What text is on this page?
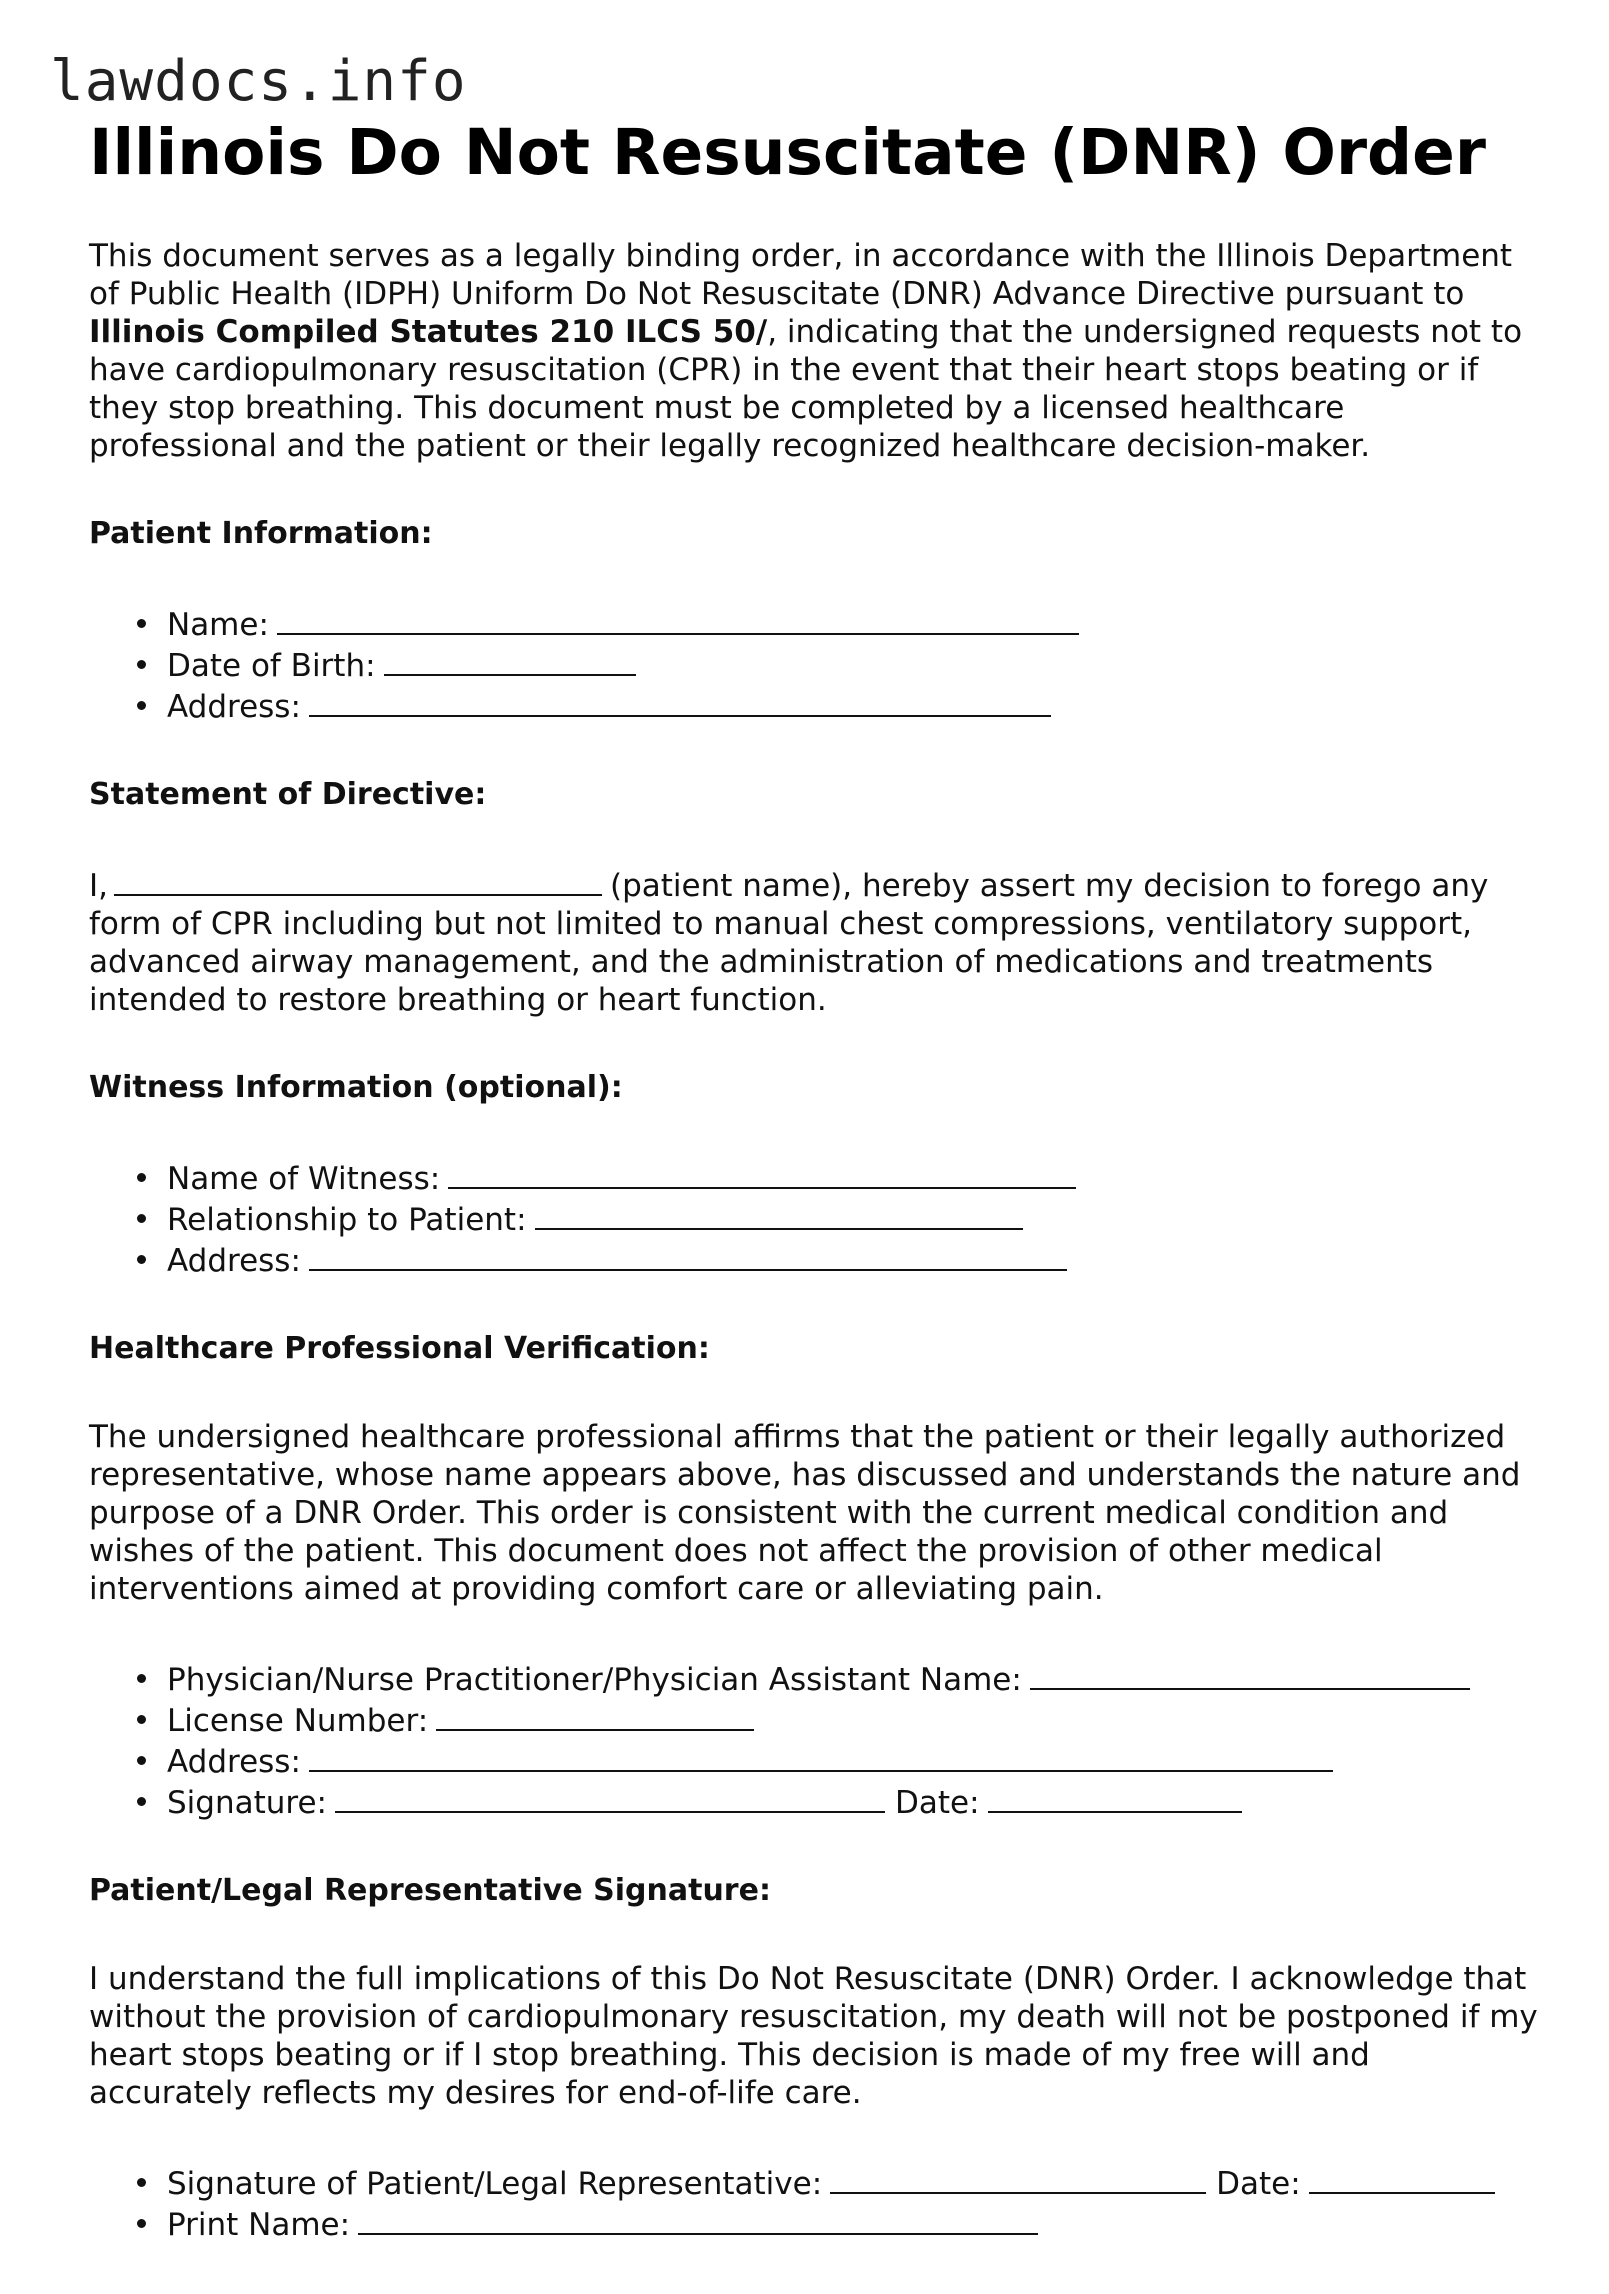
lawdocs.info
Illinois Do Not Resuscitate (DNR) Order

This document serves as a legally binding order, in accordance with the Illinois Department of Public Health (IDPH) Uniform Do Not Resuscitate (DNR) Advance Directive pursuant to Illinois Compiled Statutes 210 ILCS 50/, indicating that the undersigned requests not to have cardiopulmonary resuscitation (CPR) in the event that their heart stops beating or if they stop breathing. This document must be completed by a licensed healthcare professional and the patient or their legally recognized healthcare decision-maker.

Patient Information:
Name:
Date of Birth:
Address:
Statement of Directive:

I,	(patient name), hereby assert my decision to forego any form of CPR including but not limited to manual chest compressions, ventilatory support, advanced airway management, and the administration of medications and treatments intended to restore breathing or heart function.

Witness Information (optional):
Name of Witness:
Relationship to Patient:
Address:
Healthcare Professional Verification:

The undersigned healthcare professional affirms that the patient or their legally authorized representative, whose name appears above, has discussed and understands the nature and purpose of a DNR Order. This order is consistent with the current medical condition and wishes of the patient. This document does not affect the provision of other medical interventions aimed at providing comfort care or alleviating pain.

Physician/Nurse Practitioner/Physician Assistant Name:
License Number:
Address:
Signature:	Date:
Patient/Legal Representative Signature:

I understand the full implications of this Do Not Resuscitate (DNR) Order. I acknowledge that without the provision of cardiopulmonary resuscitation, my death will not be postponed if my heart stops beating or if I stop breathing. This decision is made of my free will and accurately reflects my desires for end-of-life care.

Signature of Patient/Legal Representative:	Date:
Print Name:
